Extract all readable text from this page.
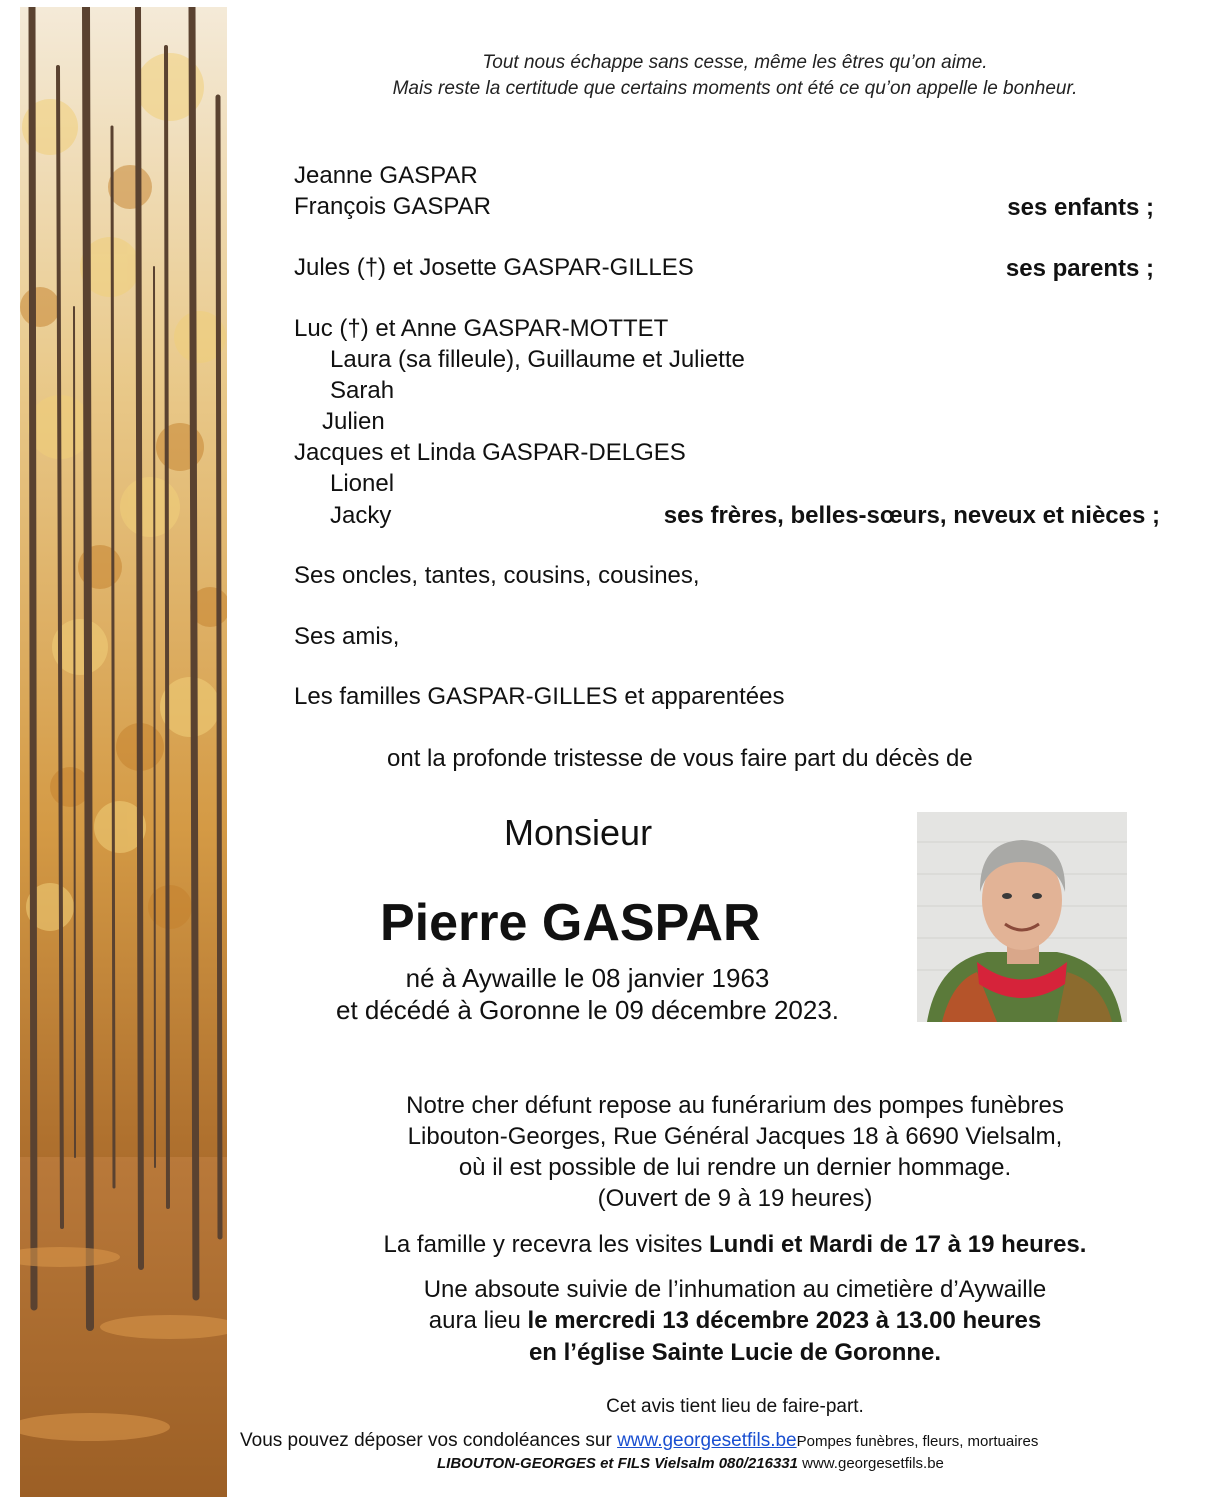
Tout nous échappe sans cesse, même les êtres qu’on aime.

Mais reste la certitude que certains moments ont été ce qu’on appelle le bonheur.

Jeanne GASPAR

François GASPAR	ses enfants ;

Jules (†) et Josette GASPAR-GILLES	ses parents ;

Luc (†) et Anne GASPAR-MOTTET

Laura (sa filleule), Guillaume et Juliette

Sarah

Julien

Jacques et Linda GASPAR-DELGES

Lionel

Jacky	ses frères, belles-sœurs, neveux et nièces ;

Ses oncles, tantes, cousins, cousines,

Ses amis,

Les familles GASPAR-GILLES et apparentées

ont la profonde tristesse de vous faire part du décès de

Monsieur

Pierre GASPAR

né à Aywaille le 08 janvier 1963

et décédé à Goronne le 09 décembre 2023.

Notre cher défunt repose au funérarium des pompes funèbres

Libouton-Georges, Rue Général Jacques 18 à 6690 Vielsalm,

où il est possible de lui rendre un dernier hommage.

(Ouvert de 9 à 19 heures)

La famille y recevra les visites Lundi et Mardi de 17 à 19 heures.

Une absoute suivie de l’inhumation au cimetière d’Aywaille

aura lieu le mercredi 13 décembre 2023 à 13.00 heures

en l’église Sainte Lucie de Goronne.

Cet avis tient lieu de faire-part.

Vous pouvez déposer vos condoléances sur www.georgesetfils.bePompes funèbres, fleurs, mortuaires

LIBOUTON-GEORGES et FILS Vielsalm 080/216331 www.georgesetfils.be
